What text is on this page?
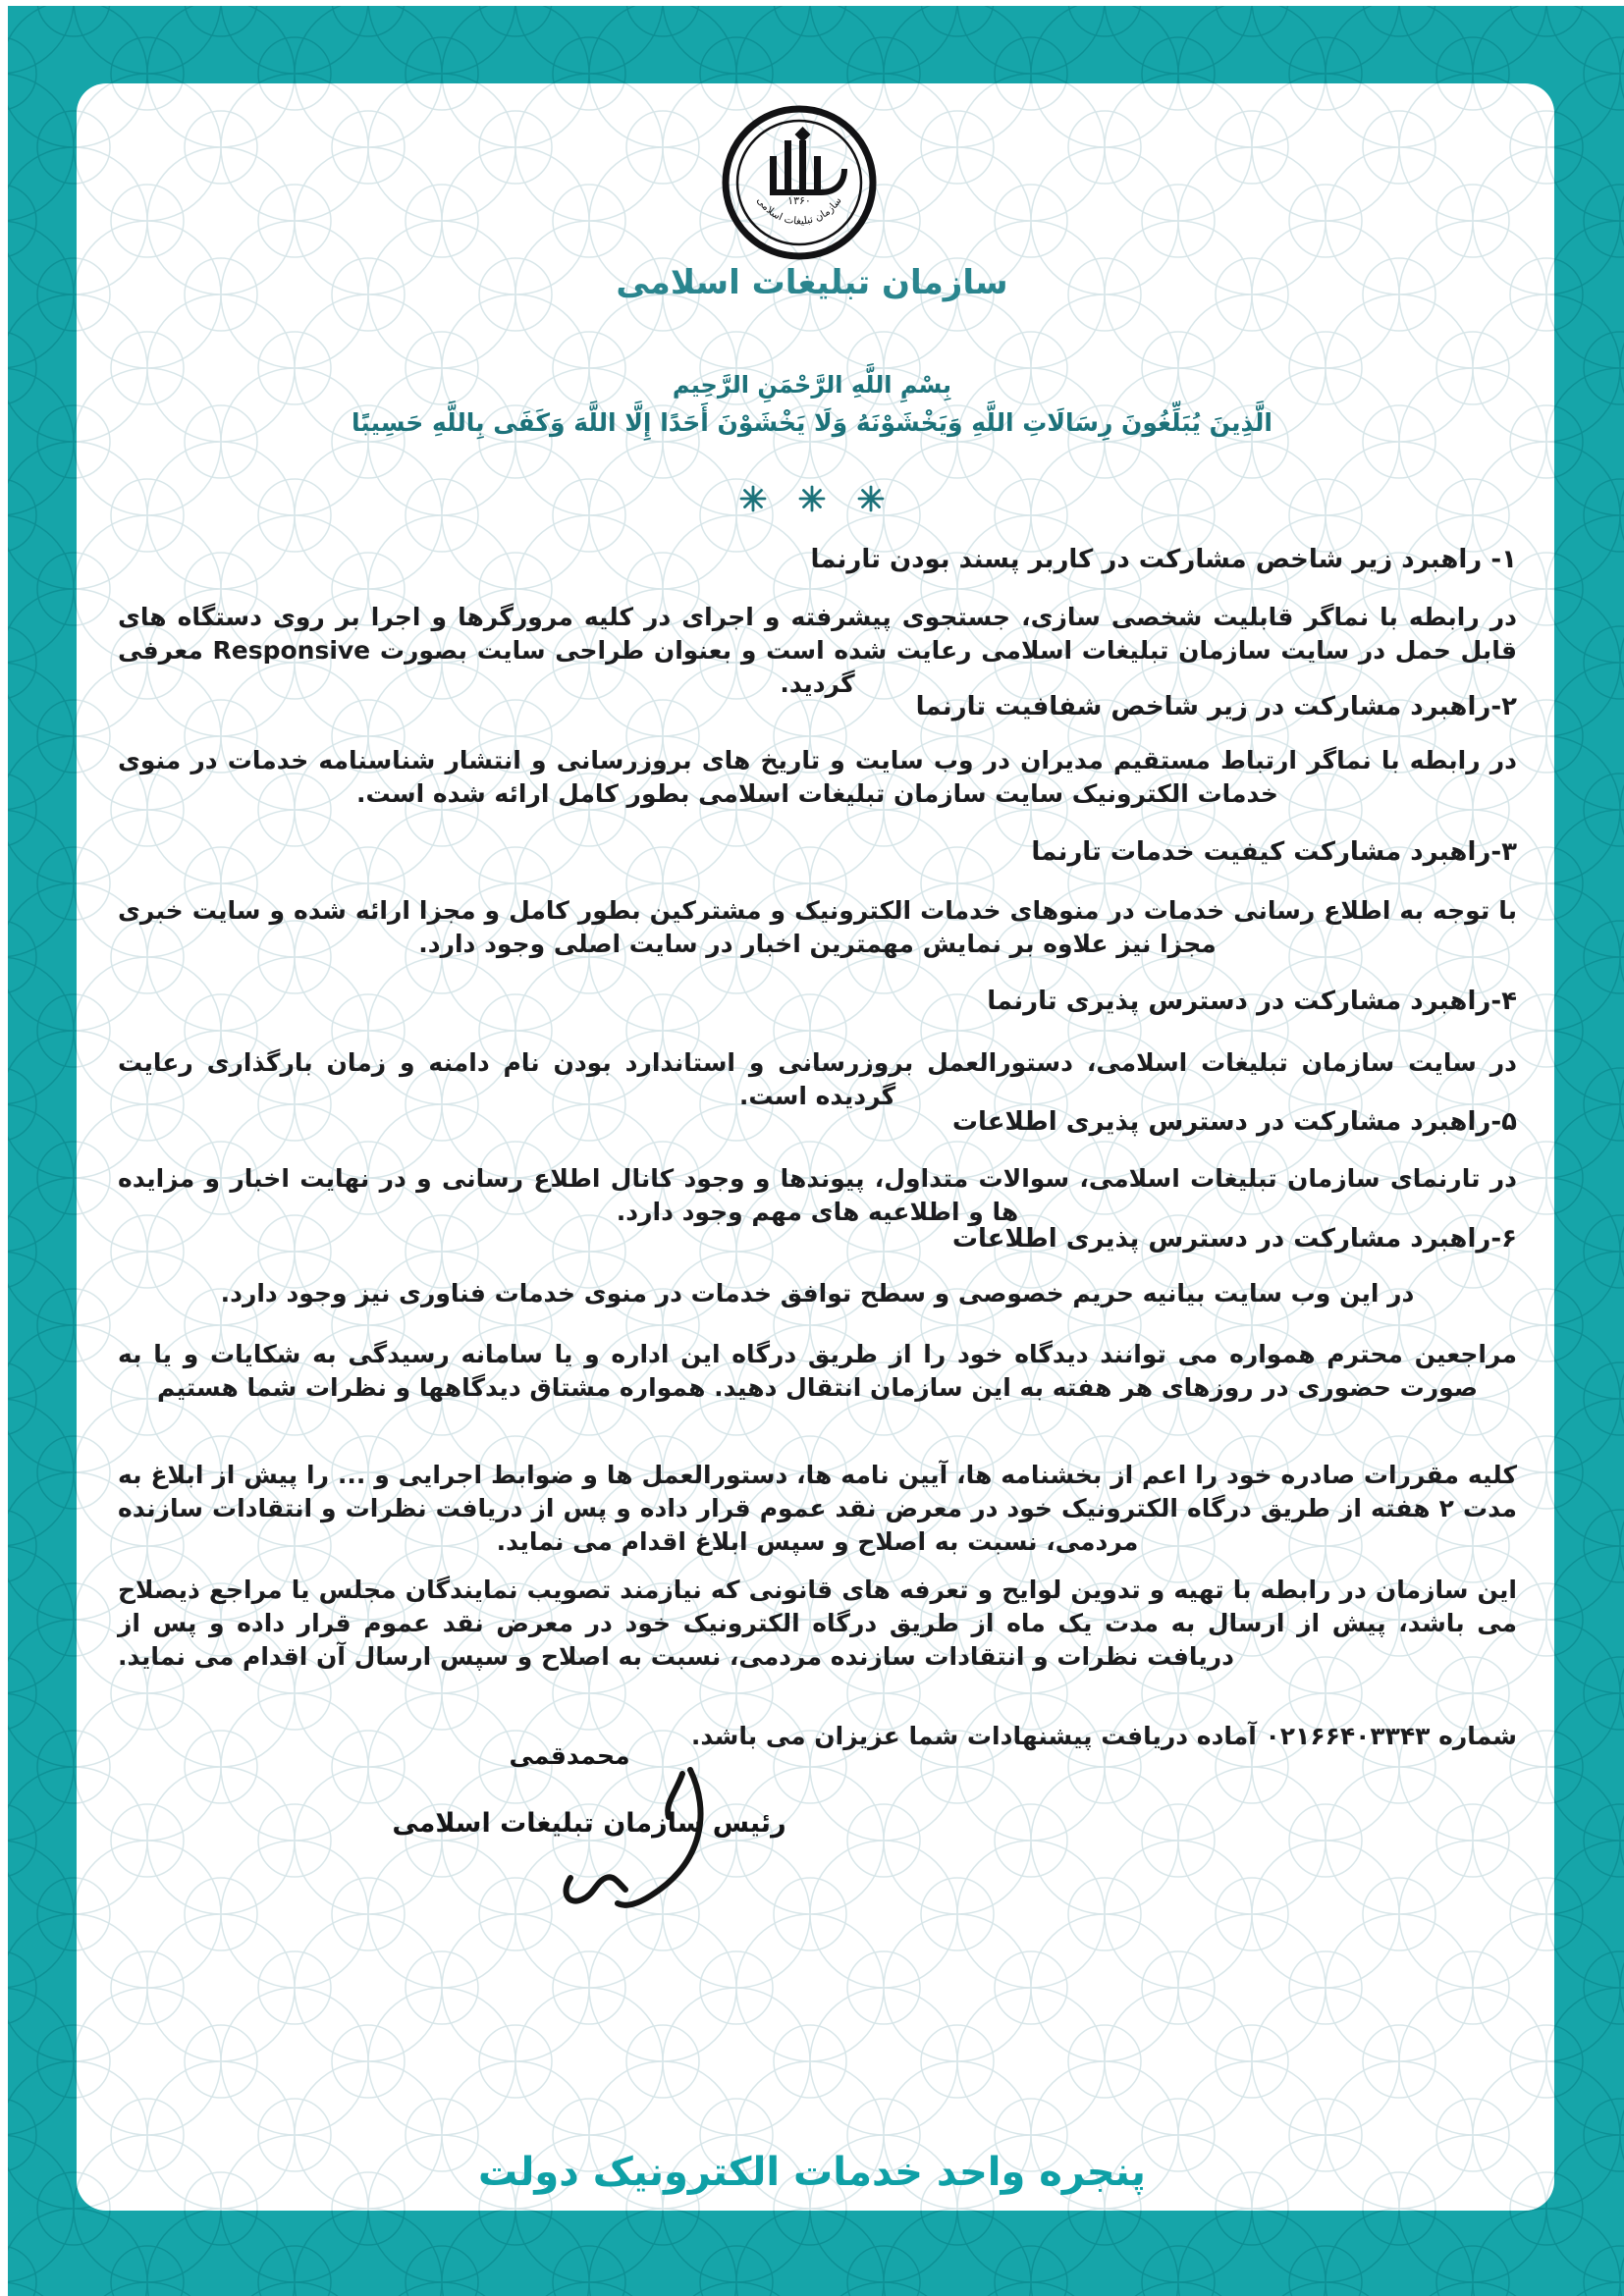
۱۳۶۰
سازمان تبلیغات اسلامی
سازمان تبلیغات اسلامی
بِسْمِ اللَّهِ الرَّحْمَنِ الرَّحِيم
الَّذِينَ يُبَلِّغُونَ رِسَالَاتِ اللَّهِ وَيَخْشَوْنَهُ وَلَا يَخْشَوْنَ أَحَدًا إِلَّا اللَّهَ وَكَفَى بِاللَّهِ حَسِيبًا
۱- راهبرد زیر شاخص مشارکت در کاربر پسند بودن تارنما
در رابطه با نماگر قابلیت شخصی سازی، جستجوی پیشرفته و اجرای در کلیه مرورگرها و اجرا بر روی دستگاه های قابل حمل در سایت سازمان تبلیغات اسلامی رعایت شده است و بعنوان طراحی سایت بصورت Responsive معرفی گردید.
۲-راهبرد مشارکت در زیر شاخص شفافیت تارنما
در رابطه با نماگر ارتباط مستقیم مدیران در وب سایت و تاریخ های بروزرسانی و انتشار شناسنامه خدمات در منوی خدمات الکترونیک سایت سازمان تبلیغات اسلامی بطور کامل ارائه شده است.
۳-راهبرد مشارکت کیفیت خدمات تارنما
با توجه به اطلاع رسانی خدمات در منوهای خدمات الکترونیک و مشترکین بطور کامل و مجزا ارائه شده و سایت خبری مجزا نیز علاوه بر نمایش مهمترین اخبار در سایت اصلی وجود دارد.
۴-راهبرد مشارکت در دسترس پذیری تارنما
در سایت سازمان تبلیغات اسلامی، دستورالعمل بروزرسانی و استاندارد بودن نام دامنه و زمان بارگذاری رعایت گردیده است.
۵-راهبرد مشارکت در دسترس پذیری اطلاعات
در تارنمای سازمان تبلیغات اسلامی، سوالات متداول، پیوندها و وجود کانال اطلاع رسانی و در نهایت اخبار و مزایده ها و اطلاعیه های مهم وجود دارد.
۶-راهبرد مشارکت در دسترس پذیری اطلاعات
در این وب سایت بیانیه حریم خصوصی و سطح توافق خدمات در منوی خدمات فناوری نیز وجود دارد.
مراجعین محترم همواره می توانند دیدگاه خود را از طریق درگاه این اداره و یا سامانه رسیدگی به شکایات و یا به صورت حضوری در روزهای هر هفته به این سازمان انتقال دهید. همواره مشتاق دیدگاهها و نظرات شما هستیم
کلیه مقررات صادره خود را اعم از بخشنامه ها، آیین نامه ها، دستورالعمل ها و ضوابط اجرایی و ... را پیش از ابلاغ به مدت ۲ هفته از طریق درگاه الکترونیک خود در معرض نقد عموم قرار داده و پس از دریافت نظرات و انتقادات سازنده مردمی، نسبت به اصلاح و سپس ابلاغ اقدام می نماید.
این سازمان در رابطه با تهیه و تدوین لوایح و تعرفه های قانونی که نیازمند تصویب نمایندگان مجلس یا مراجع ذیصلاح می باشد، پیش از ارسال به مدت یک ماه از طریق درگاه الکترونیک خود در معرض نقد عموم قرار داده و پس از دریافت نظرات و انتقادات سازنده مردمی، نسبت به اصلاح و سپس ارسال آن اقدام می نماید.
شماره ۰۲۱۶۶۴۰۳۳۴۳ آماده دریافت پیشنهادات شما عزیزان می باشد.
محمدقمی
رئیس سازمان تبلیغات اسلامی
پنجره واحد خدمات الکترونیک دولت
